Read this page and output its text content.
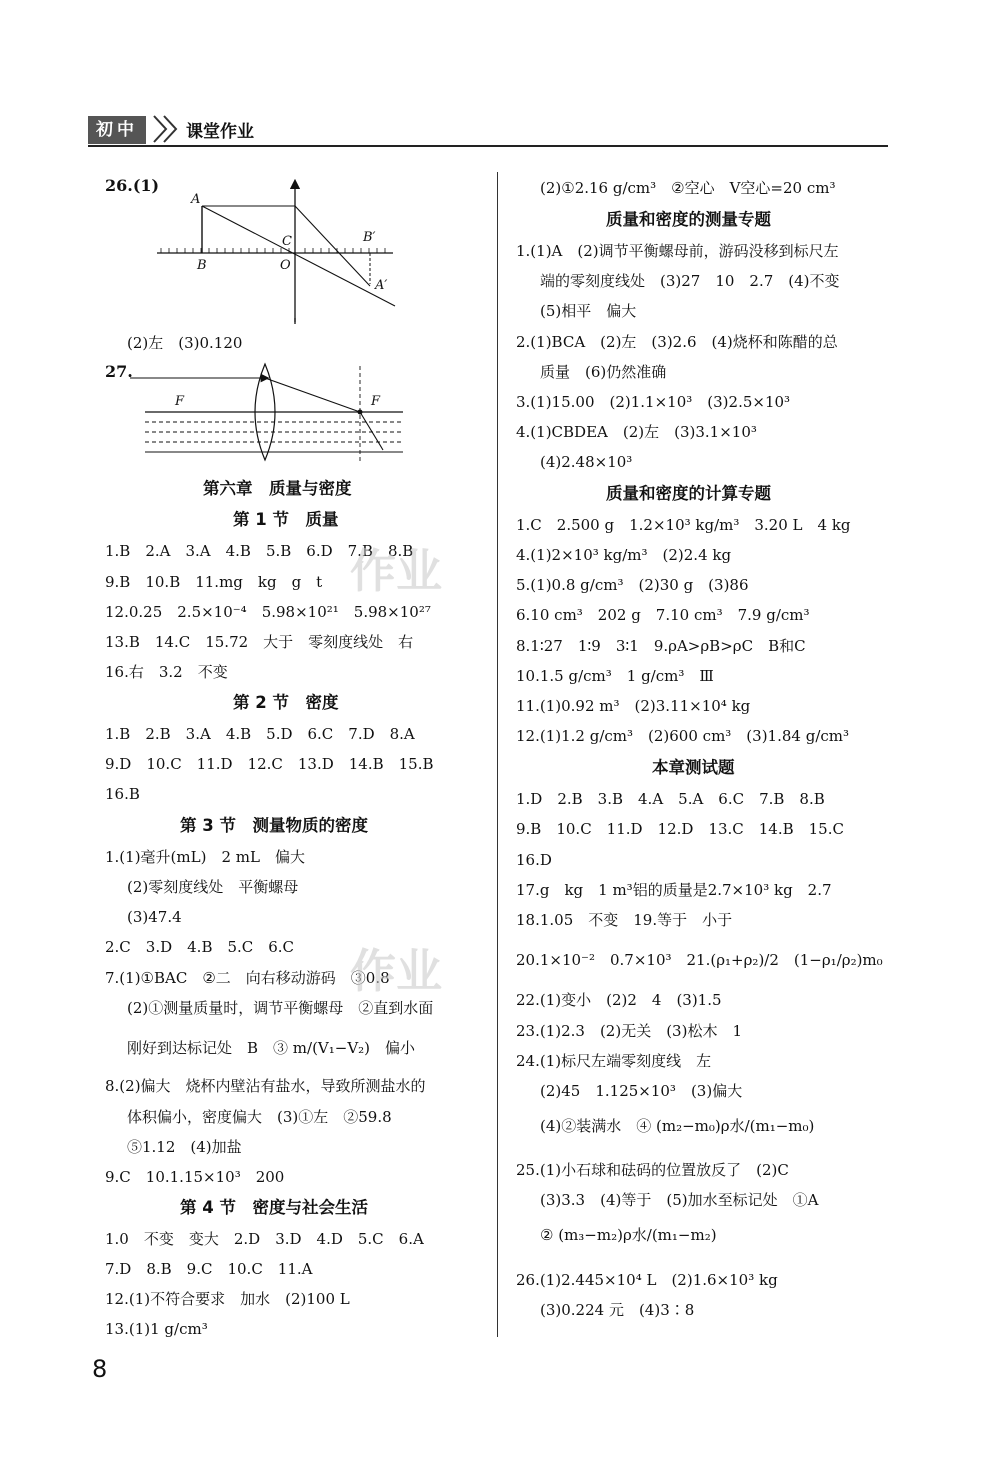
初中	课堂作业
26.(1)
A
B
C
O
B′
A′
27.
F	F
(2)左　(3)0.120
第六章　质量与密度
第 1 节　质量
1.B　2.A　3.A　4.B　5.B　6.D　7.B　8.B
9.B　10.B　11.mg　kg　g　t
12.0.25　2.5×10⁻⁴　5.98×10²¹　5.98×10²⁷
13.B　14.C　15.72　大于　零刻度线处　右
16.右　3.2　不变
第 2 节　密度
1.B　2.B　3.A　4.B　5.D　6.C　7.D　8.A
9.D　10.C　11.D　12.C　13.D　14.B　15.B
16.B
第 3 节　测量物质的密度
1.(1)毫升(mL)　2 mL　偏大
(2)零刻度线处　平衡螺母
(3)47.4
2.C　3.D　4.B　5.C　6.C
7.(1)①BAC　②二　向右移动游码　③0.8
(2)①测量质量时，调节平衡螺母　②直到水面
刚好到达标记处　B　③ m/(V₁−V₂)　偏小
8.(2)偏大　烧杯内壁沾有盐水，导致所测盐水的
体积偏小，密度偏大　(3)①左　②59.8
⑤1.12　(4)加盐
9.C　10.1.15×10³　200
第 4 节　密度与社会生活
1.0　不变　变大　2.D　3.D　4.D　5.C　6.A
7.D　8.B　9.C　10.C　11.A
12.(1)不符合要求　加水　(2)100 L
13.(1)1 g/cm³
(2)①2.16 g/cm³　②空心　V空心=20 cm³
质量和密度的测量专题
1.(1)A　(2)调节平衡螺母前，游码没移到标尺左
端的零刻度线处　(3)27　10　2.7　(4)不变
(5)相平　偏大
2.(1)BCA　(2)左　(3)2.6　(4)烧杯和陈醋的总
质量　(6)仍然准确
3.(1)15.00　(2)1.1×10³　(3)2.5×10³
4.(1)CBDEA　(2)左　(3)3.1×10³
(4)2.48×10³
质量和密度的计算专题
1.C　2.500 g　1.2×10³ kg/m³　3.20 L　4 kg
4.(1)2×10³ kg/m³　(2)2.4 kg
5.(1)0.8 g/cm³　(2)30 g　(3)86
6.10 cm³　202 g　7.10 cm³　7.9 g/cm³
8.1∶27　1∶9　3∶1　9.ρA>ρB>ρC　B和C
10.1.5 g/cm³　1 g/cm³　Ⅲ
11.(1)0.92 m³　(2)3.11×10⁴ kg
12.(1)1.2 g/cm³　(2)600 cm³　(3)1.84 g/cm³
本章测试题
1.D　2.B　3.B　4.A　5.A　6.C　7.B　8.B
9.B　10.C　11.D　12.D　13.C　14.B　15.C
16.D
17.g　kg　1 m³铝的质量是2.7×10³ kg　2.7
18.1.05　不变　19.等于　小于
20.1×10⁻²　0.7×10³　21.(ρ₁+ρ₂)/2　(1−ρ₁/ρ₂)m₀
22.(1)变小　(2)2　4　(3)1.5
23.(1)2.3　(2)无关　(3)松木　1
24.(1)标尺左端零刻度线　左
(2)45　1.125×10³　(3)偏大
(4)②装满水　④ (m₂−m₀)ρ水/(m₁−m₀)
25.(1)小石球和砝码的位置放反了　(2)C
(3)3.3　(4)等于　(5)加水至标记处　①A
② (m₃−m₂)ρ水/(m₁−m₂)
26.(1)2.445×10⁴ L　(2)1.6×10³ kg
(3)0.224 元　(4)3∶8
作业
作业
8
